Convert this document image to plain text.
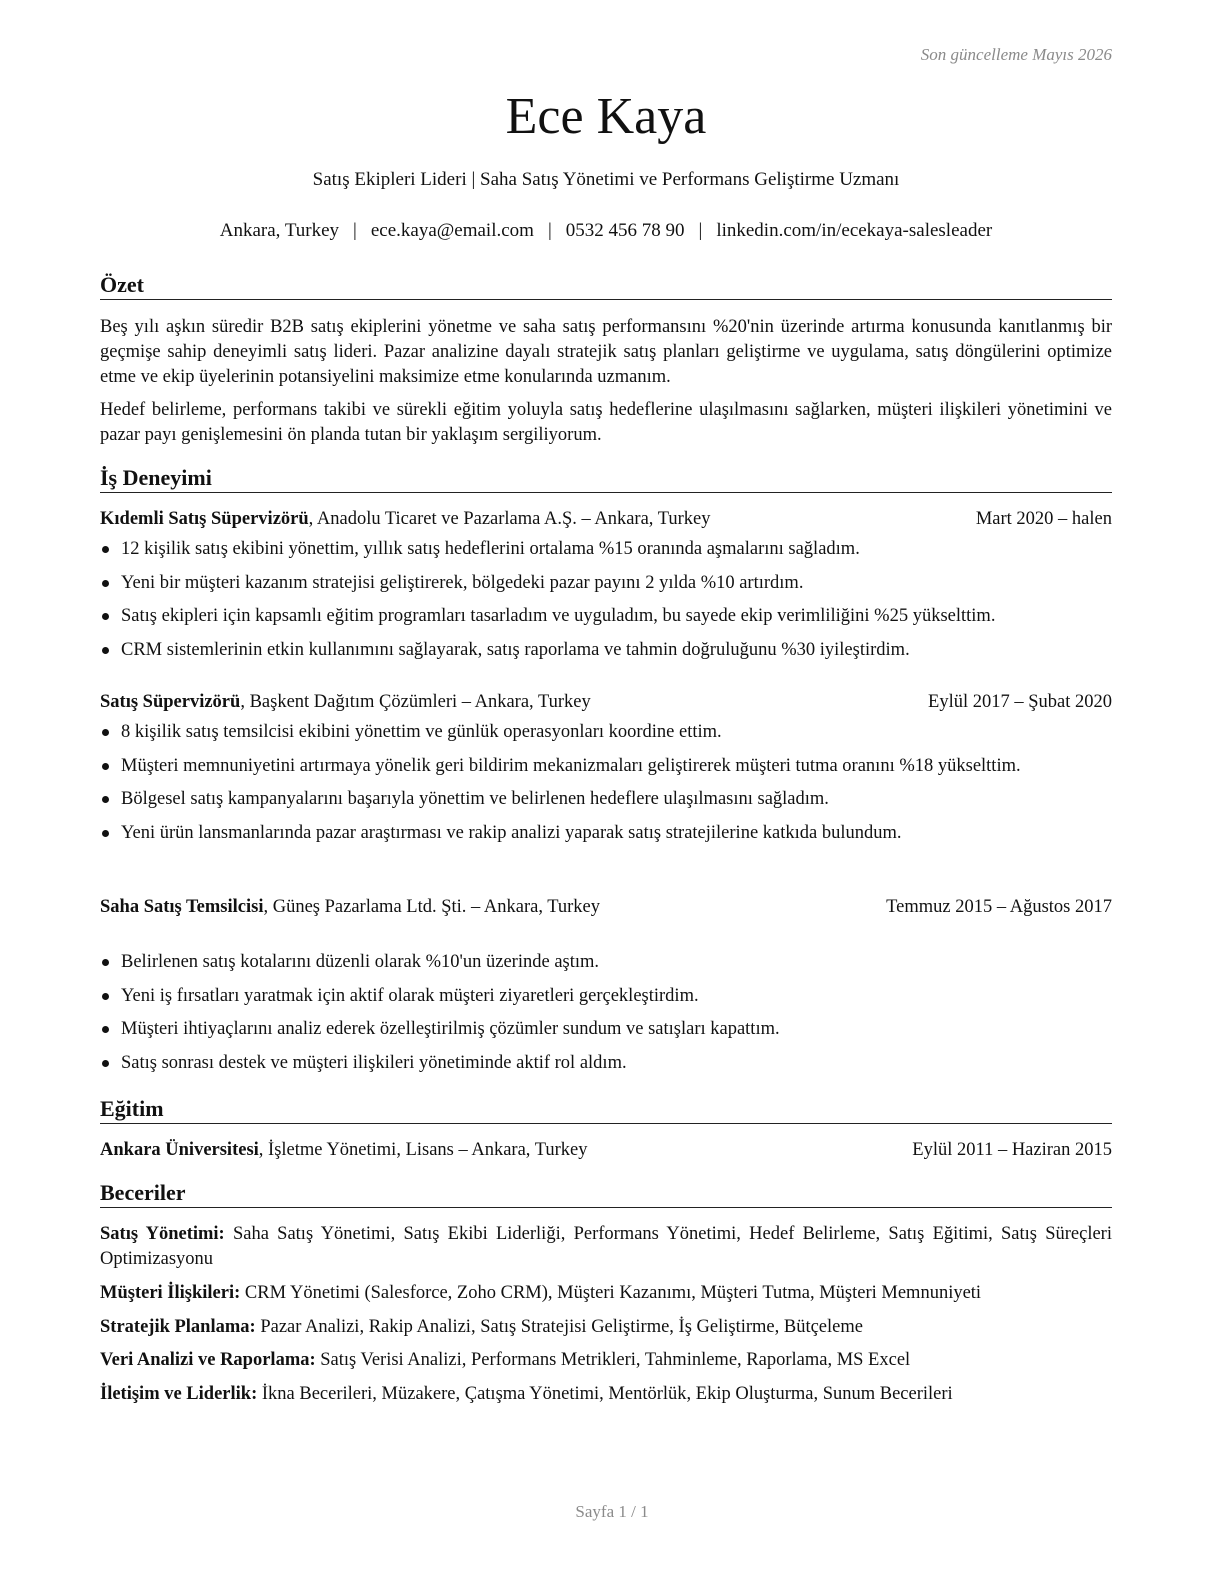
Son güncelleme Mayıs 2026
Ece Kaya
Satış Ekipleri Lideri | Saha Satış Yönetimi ve Performans Geliştirme Uzmanı
Ankara, Turkey | ece.kaya@email.com | 0532 456 78 90 | linkedin.com/in/ecekaya-salesleader
Özet

Beş yılı aşkın süredir B2B satış ekiplerini yönetme ve saha satış performansını %20'nin üzerinde artırma konusunda kanıtlanmış bir geçmişe sahip deneyimli satış lideri. Pazar analizine dayalı stratejik satış planları geliştirme ve uygulama, satış döngülerini optimize etme ve ekip üyelerinin potansiyelini maksimize etme konularında uzmanım.

Hedef belirleme, performans takibi ve sürekli eğitim yoluyla satış hedeflerine ulaşılmasını sağlarken, müşteri ilişkileri yönetimini ve pazar payı genişlemesini ön planda tutan bir yaklaşım sergiliyorum.

İş Deneyimi
Kıdemli Satış Süpervizörü, Anadolu Ticaret ve Pazarlama A.Ş. – Ankara, Turkey	Mart 2020 – halen
12 kişilik satış ekibini yönettim, yıllık satış hedeflerini ortalama %15 oranında aşmalarını sağladım.
Yeni bir müşteri kazanım stratejisi geliştirerek, bölgedeki pazar payını 2 yılda %10 artırdım.
Satış ekipleri için kapsamlı eğitim programları tasarladım ve uyguladım, bu sayede ekip verimliliğini %25 yükselttim.
CRM sistemlerinin etkin kullanımını sağlayarak, satış raporlama ve tahmin doğruluğunu %30 iyileştirdim.
Satış Süpervizörü, Başkent Dağıtım Çözümleri – Ankara, Turkey	Eylül 2017 – Şubat 2020
8 kişilik satış temsilcisi ekibini yönettim ve günlük operasyonları koordine ettim.
Müşteri memnuniyetini artırmaya yönelik geri bildirim mekanizmaları geliştirerek müşteri tutma oranını %18 yükselttim.
Bölgesel satış kampanyalarını başarıyla yönettim ve belirlenen hedeflere ulaşılmasını sağladım.
Yeni ürün lansmanlarında pazar araştırması ve rakip analizi yaparak satış stratejilerine katkıda bulundum.
Saha Satış Temsilcisi, Güneş Pazarlama Ltd. Şti. – Ankara, Turkey	Temmuz 2015 – Ağustos 2017
Belirlenen satış kotalarını düzenli olarak %10'un üzerinde aştım.
Yeni iş fırsatları yaratmak için aktif olarak müşteri ziyaretleri gerçekleştirdim.
Müşteri ihtiyaçlarını analiz ederek özelleştirilmiş çözümler sundum ve satışları kapattım.
Satış sonrası destek ve müşteri ilişkileri yönetiminde aktif rol aldım.
Eğitim
Ankara Üniversitesi, İşletme Yönetimi, Lisans – Ankara, Turkey	Eylül 2011 – Haziran 2015
Beceriler
Satış Yönetimi: Saha Satış Yönetimi, Satış Ekibi Liderliği, Performans Yönetimi, Hedef Belirleme, Satış Eğitimi, Satış Süreçleri Optimizasyonu
Müşteri İlişkileri: CRM Yönetimi (Salesforce, Zoho CRM), Müşteri Kazanımı, Müşteri Tutma, Müşteri Memnuniyeti
Stratejik Planlama: Pazar Analizi, Rakip Analizi, Satış Stratejisi Geliştirme, İş Geliştirme, Bütçeleme
Veri Analizi ve Raporlama: Satış Verisi Analizi, Performans Metrikleri, Tahminleme, Raporlama, MS Excel
İletişim ve Liderlik: İkna Becerileri, Müzakere, Çatışma Yönetimi, Mentörlük, Ekip Oluşturma, Sunum Becerileri
Sayfa 1 / 1
